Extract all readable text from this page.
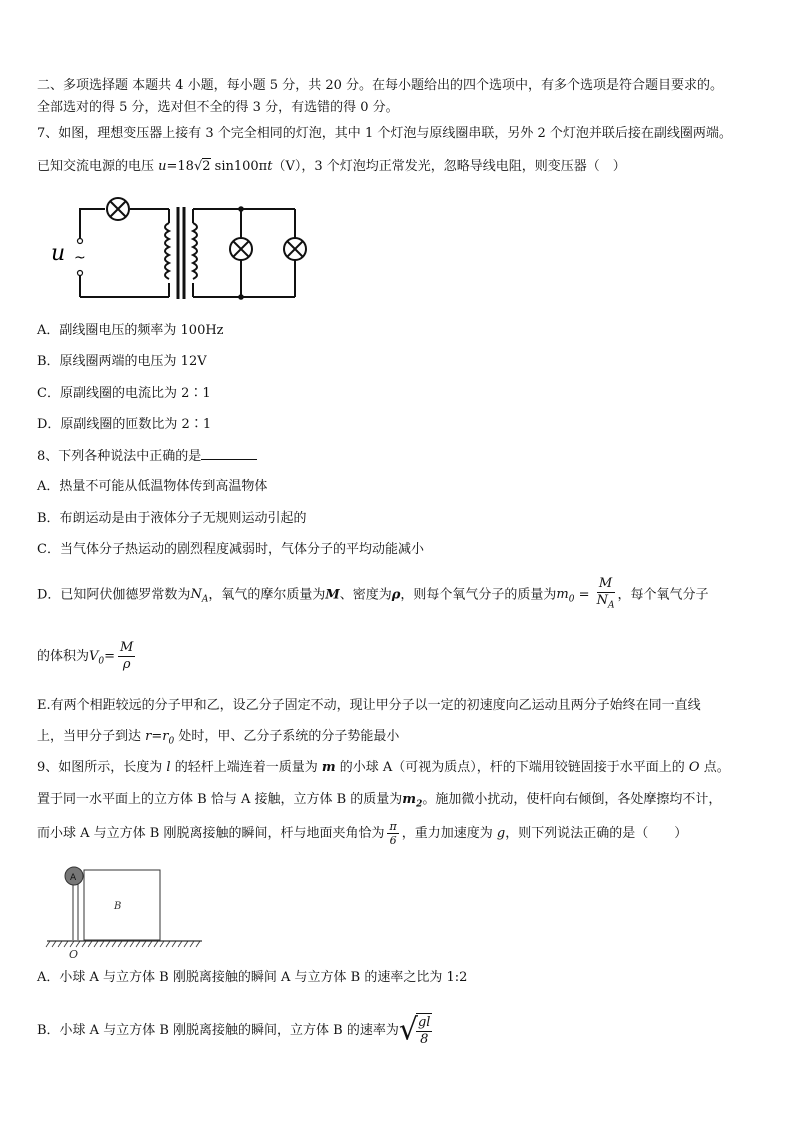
二、多项选择题 本题共 4 小题，每小题 5 分，共 20 分。在每小题给出的四个选项中，有多个选项是符合题目要求的。
全部选对的得 5 分，选对但不全的得 3 分，有选错的得 0 分。
7、如图，理想变压器上接有 3 个完全相同的灯泡，其中 1 个灯泡与原线圈串联，另外 2 个灯泡并联后接在副线圈两端。
已知交流电源的电压 u=18√2 sin100πt（V），3 个灯泡均正常发光，忽略导线电阻，则变压器（　）
u ~
A．副线圈电压的频率为 100Hz
B．原线圈两端的电压为 12V
C．原副线圈的电流比为 2∶1
D．原副线圈的匝数比为 2∶1
8、下列各种说法中正确的是
A．热量不可能从低温物体传到高温物体
B．布朗运动是由于液体分子无规则运动引起的
C．当气体分子热运动的剧烈程度减弱时，气体分子的平均动能减小
D．已知阿伏伽德罗常数为$N_A$，氧气的摩尔质量为M、密度为ρ，则每个氧气分子的质量为$m_0 = \frac{M}{N_A}$ ，每个氧气分子
的体积为$V_0= \frac{M}{\rho}$
E.有两个相距较远的分子甲和乙，设乙分子固定不动，现让甲分子以一定的初速度向乙运动且两分子始终在同一直线
上，当甲分子到达 $r=r_0$ 处时，甲、乙分子系统的分子势能最小
9、如图所示，长度为 l 的轻杆上端连着一质量为 m 的小球 A（可视为质点），杆的下端用铰链固接于水平面上的 O 点。
置于同一水平面上的立方体 B 恰与 A 接触，立方体 B 的质量为$m_2$。施加微小扰动，使杆向右倾倒，各处摩擦均不计，
而小球 A 与立方体 B 刚脱离接触的瞬间，杆与地面夹角恰为 $\frac{\pi}{6}$ ，重力加速度为 g，则下列说法正确的是（　　）
A
B
O
A．小球 A 与立方体 B 刚脱离接触的瞬间 A 与立方体 B 的速率之比为 1:2
B．小球 A 与立方体 B 刚脱离接触的瞬间，立方体 B 的速率为√
$\frac{gl}{8}$
